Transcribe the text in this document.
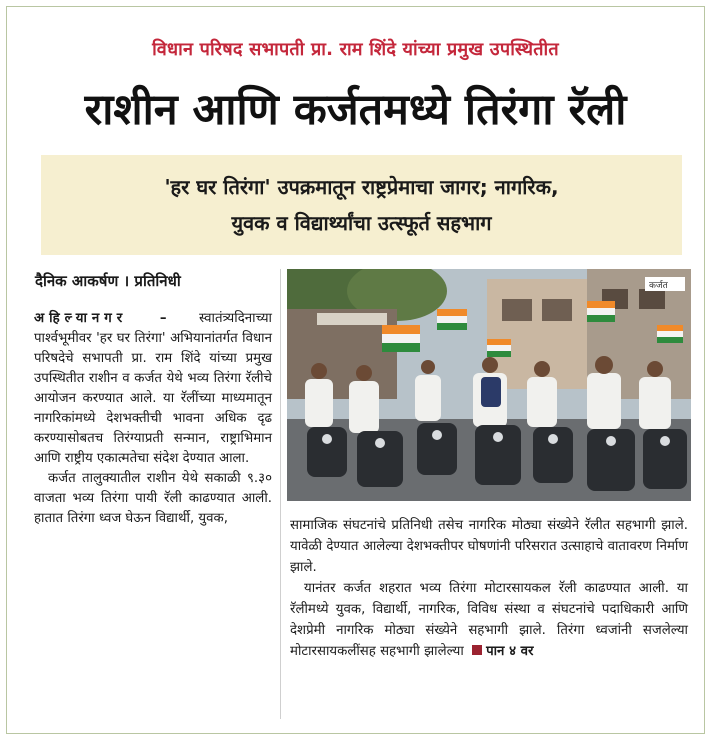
विधान परिषद सभापती प्रा. राम शिंदे यांच्या प्रमुख उपस्थितीत
राशीन आणि कर्जतमध्ये तिरंगा रॅली
'हर घर तिरंगा' उपक्रमातून राष्ट्रप्रेमाचा जागर; नागरिक,
युवक व विद्यार्थ्यांचा उत्स्फूर्त सहभाग
दैनिक आकर्षण । प्रतिनिधी

अहिल्यानगर – स्वातंत्र्यदिनाच्या पार्श्वभूमीवर 'हर घर तिरंगा' अभियानांतर्गत विधान परिषदेचे सभापती प्रा. राम शिंदे यांच्या प्रमुख उपस्थितीत राशीन व कर्जत येथे भव्य तिरंगा रॅलीचे आयोजन करण्यात आले. या रॅलींच्या माध्यमातून नागरिकांमध्ये देशभक्तीची भावना अधिक दृढ करण्यासोबतच तिरंग्याप्रती सन्मान, राष्ट्राभिमान आणि राष्ट्रीय एकात्मतेचा संदेश देण्यात आला.

कर्जत तालुक्यातील राशीन येथे सकाळी ९.३० वाजता भव्य तिरंगा पायी रॅली काढण्यात आली. हातात तिरंगा ध्वज घेऊन विद्यार्थी, युवक,

कर्जत

सामाजिक संघटनांचे प्रतिनिधी तसेच नागरिक मोठ्या संख्येने रॅलीत सहभागी झाले. यावेळी देण्यात आलेल्या देशभक्तीपर घोषणांनी परिसरात उत्साहाचे वातावरण निर्माण झाले.

यानंतर कर्जत शहरात भव्य तिरंगा मोटारसायकल रॅली काढण्यात आली. या रॅलीमध्ये युवक, विद्यार्थी, नागरिक, विविध संस्था व संघटनांचे पदाधिकारी आणि देशप्रेमी नागरिक मोठ्या संख्येने सहभागी झाले. तिरंगा ध्वजांनी सजलेल्या मोटारसायकलींसह सहभागी झालेल्या पान ४ वर
